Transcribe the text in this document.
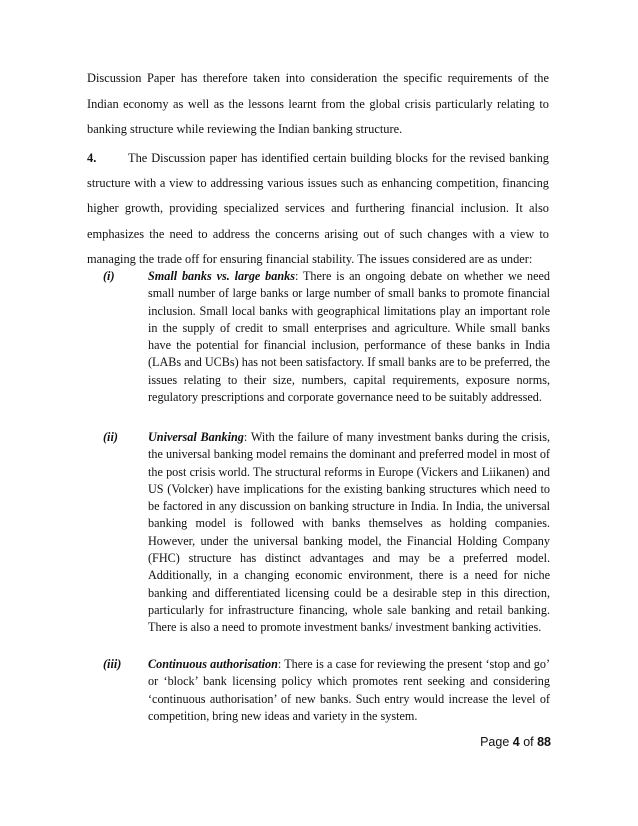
Discussion Paper has therefore taken into consideration the specific requirements of the Indian economy as well as the lessons learnt from the global crisis particularly relating to banking structure while reviewing the Indian banking structure.

4.	The Discussion paper has identified certain building blocks for the revised banking structure with a view to addressing various issues such as enhancing competition, financing higher growth, providing specialized services and furthering financial inclusion. It also emphasizes the need to address the concerns arising out of such changes with a view to managing the trade off for ensuring financial stability. The issues considered are as under:

(i)	Small banks vs. large banks: There is an ongoing debate on whether we need small number of large banks or large number of small banks to promote financial inclusion. Small local banks with geographical limitations play an important role in the supply of credit to small enterprises and agriculture. While small banks have the potential for financial inclusion, performance of these banks in India (LABs and UCBs) has not been satisfactory. If small banks are to be preferred, the issues relating to their size, numbers, capital requirements, exposure norms, regulatory prescriptions and corporate governance need to be suitably addressed.
(ii) Universal Banking: With the failure of many investment banks during the crisis, the universal banking model remains the dominant and preferred model in most of the post crisis world. The structural reforms in Europe (Vickers and Liikanen) and US (Volcker) have implications for the existing banking structures which need to be factored in any discussion on banking structure in India. In India, the universal banking model is followed with banks themselves as holding companies. However, under the universal banking model, the Financial Holding Company (FHC) structure has distinct advantages and may be a preferred model. Additionally, in a changing economic environment, there is a need for niche banking and differentiated licensing could be a desirable step in this direction, particularly for infrastructure financing, whole sale banking and retail banking. There is also a need to promote investment banks/ investment banking activities.
(iii) Continuous authorisation: There is a case for reviewing the present ‘stop and go’ or ‘block’ bank licensing policy which promotes rent seeking and considering ‘continuous authorisation’ of new banks. Such entry would increase the level of competition, bring new ideas and variety in the system.
Page 4 of 88
